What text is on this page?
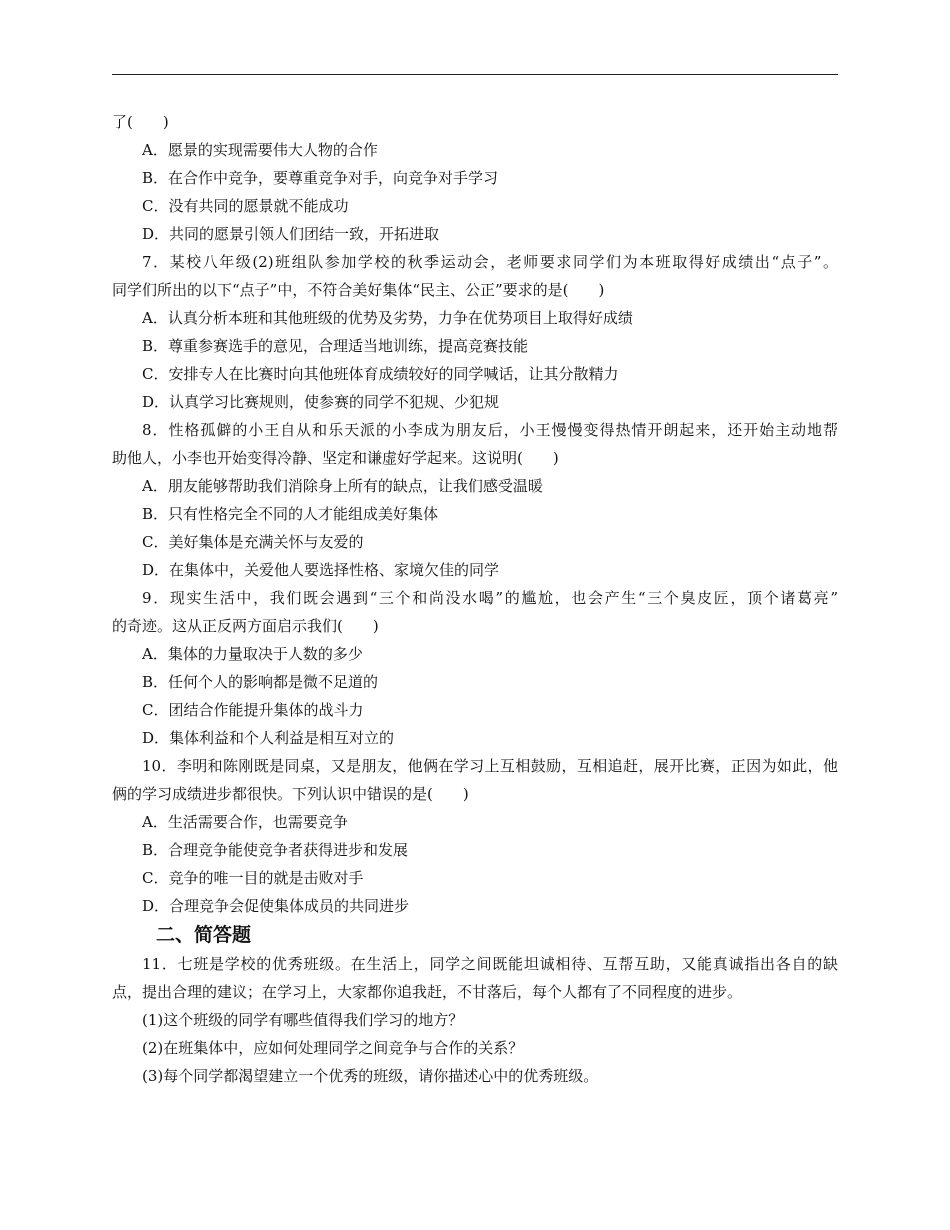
了(　　)
A．愿景的实现需要伟大人物的合作
B．在合作中竞争，要尊重竞争对手，向竞争对手学习
C．没有共同的愿景就不能成功
D．共同的愿景引领人们团结一致，开拓进取
7．某校八年级(2)班组队参加学校的秋季运动会，老师要求同学们为本班取得好成绩出“点子”。
同学们所出的以下“点子”中，不符合美好集体“民主、公正”要求的是(　　)
A．认真分析本班和其他班级的优势及劣势，力争在优势项目上取得好成绩
B．尊重参赛选手的意见，合理适当地训练，提高竞赛技能
C．安排专人在比赛时向其他班体育成绩较好的同学喊话，让其分散精力
D．认真学习比赛规则，使参赛的同学不犯规、少犯规
8．性格孤僻的小王自从和乐天派的小李成为朋友后，小王慢慢变得热情开朗起来，还开始主动地帮
助他人，小李也开始变得冷静、坚定和谦虚好学起来。这说明(　　)
A．朋友能够帮助我们消除身上所有的缺点，让我们感受温暖
B．只有性格完全不同的人才能组成美好集体
C．美好集体是充满关怀与友爱的
D．在集体中，关爱他人要选择性格、家境欠佳的同学
9．现实生活中，我们既会遇到“三个和尚没水喝”的尴尬，也会产生“三个臭皮匠，顶个诸葛亮”
的奇迹。这从正反两方面启示我们(　　)
A．集体的力量取决于人数的多少
B．任何个人的影响都是微不足道的
C．团结合作能提升集体的战斗力
D．集体利益和个人利益是相互对立的
10．李明和陈刚既是同桌，又是朋友，他俩在学习上互相鼓励，互相追赶，展开比赛，正因为如此，他
俩的学习成绩进步都很快。下列认识中错误的是(　　)
A．生活需要合作，也需要竞争
B．合理竞争能使竞争者获得进步和发展
C．竞争的唯一目的就是击败对手
D．合理竞争会促使集体成员的共同进步
二、简答题
11．七班是学校的优秀班级。在生活上，同学之间既能坦诚相待、互帮互助，又能真诚指出各自的缺
点，提出合理的建议；在学习上，大家都你追我赶，不甘落后，每个人都有了不同程度的进步。
(1)这个班级的同学有哪些值得我们学习的地方？
(2)在班集体中，应如何处理同学之间竞争与合作的关系？
(3)每个同学都渴望建立一个优秀的班级，请你描述心中的优秀班级。
